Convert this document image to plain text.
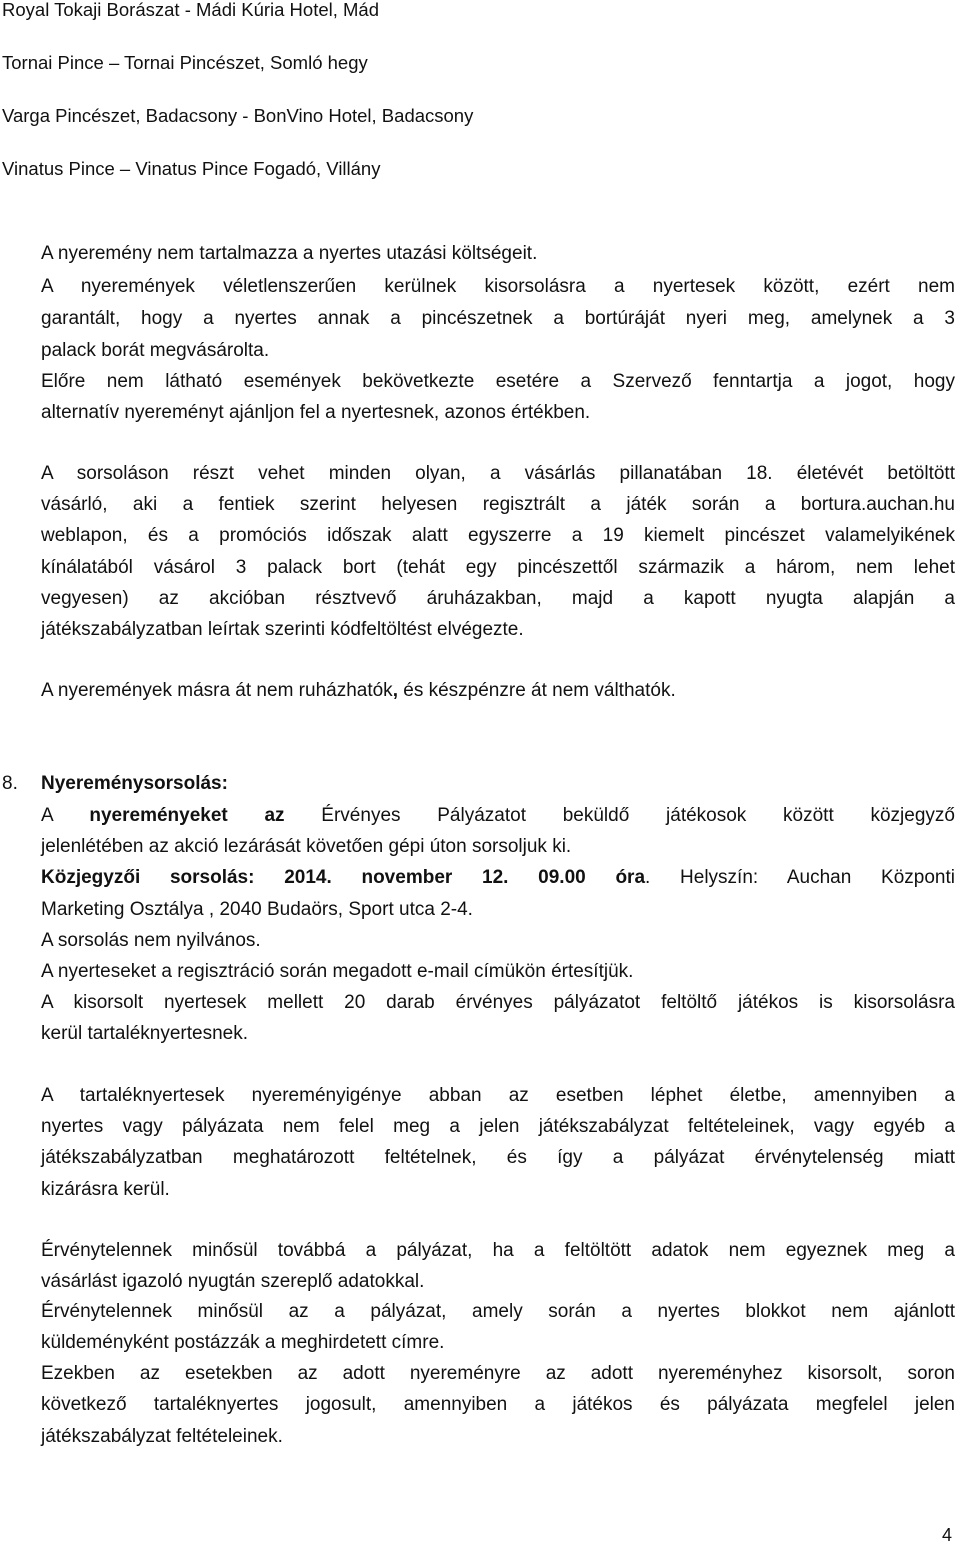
Royal Tokaji Borászat - Mádi Kúria Hotel, Mád
Tornai Pince – Tornai Pincészet, Somló hegy
Varga Pincészet, Badacsony - BonVino Hotel, Badacsony
Vinatus Pince – Vinatus Pince Fogadó, Villány
A nyeremény nem tartalmazza a nyertes utazási költségeit.
A nyeremények véletlenszerűen kerülnek kisorsolásra a nyertesek között, ezért nem
garantált, hogy a nyertes annak a pincészetnek a bortúráját nyeri meg, amelynek a 3
palack borát megvásárolta.
Előre nem látható események bekövetkezte esetére a Szervező fenntartja a jogot, hogy
alternatív nyereményt ajánljon fel a nyertesnek, azonos értékben.
A sorsoláson részt vehet minden olyan, a vásárlás pillanatában 18. életévét betöltött
vásárló, aki a fentiek szerint helyesen regisztrált a játék során a bortura.auchan.hu
weblapon, és a promóciós időszak alatt egyszerre a 19 kiemelt pincészet valamelyikének
kínálatából vásárol 3 palack bort (tehát egy pincészettől származik a három, nem lehet
vegyesen) az akcióban résztvevő áruházakban, majd a kapott nyugta alapján a
játékszabályzatban leírtak szerinti kódfeltöltést elvégezte.
A nyeremények másra át nem ruházhatók, és készpénzre át nem válthatók.
8. Nyereménysorsolás:
A nyereményeket az Érvényes Pályázatot beküldő játékosok között közjegyző
jelenlétében az akció lezárását követően gépi úton sorsoljuk ki.
Közjegyzői sorsolás: 2014. november 12. 09.00 óra. Helyszín: Auchan Központi
Marketing Osztálya , 2040 Budaörs, Sport utca 2-4.
A sorsolás nem nyilvános.
A nyerteseket a regisztráció során megadott e-mail címükön értesítjük.
A kisorsolt nyertesek mellett 20 darab érvényes pályázatot feltöltő játékos is kisorsolásra
kerül tartaléknyertesnek.
A tartaléknyertesek nyereményigénye abban az esetben léphet életbe, amennyiben a
nyertes vagy pályázata nem felel meg a jelen játékszabályzat feltételeinek, vagy egyéb a
játékszabályzatban meghatározott feltételnek, és így a pályázat érvénytelenség miatt
kizárásra kerül.
Érvénytelennek minősül továbbá a pályázat, ha a feltöltött adatok nem egyeznek meg a
vásárlást igazoló nyugtán szereplő adatokkal.
Érvénytelennek minősül az a pályázat, amely során a nyertes blokkot nem ajánlott
küldeményként postázzák a meghirdetett címre.
Ezekben az esetekben az adott nyereményre az adott nyereményhez kisorsolt, soron
következő tartaléknyertes jogosult, amennyiben a játékos és pályázata megfelel jelen
játékszabályzat feltételeinek.
4
